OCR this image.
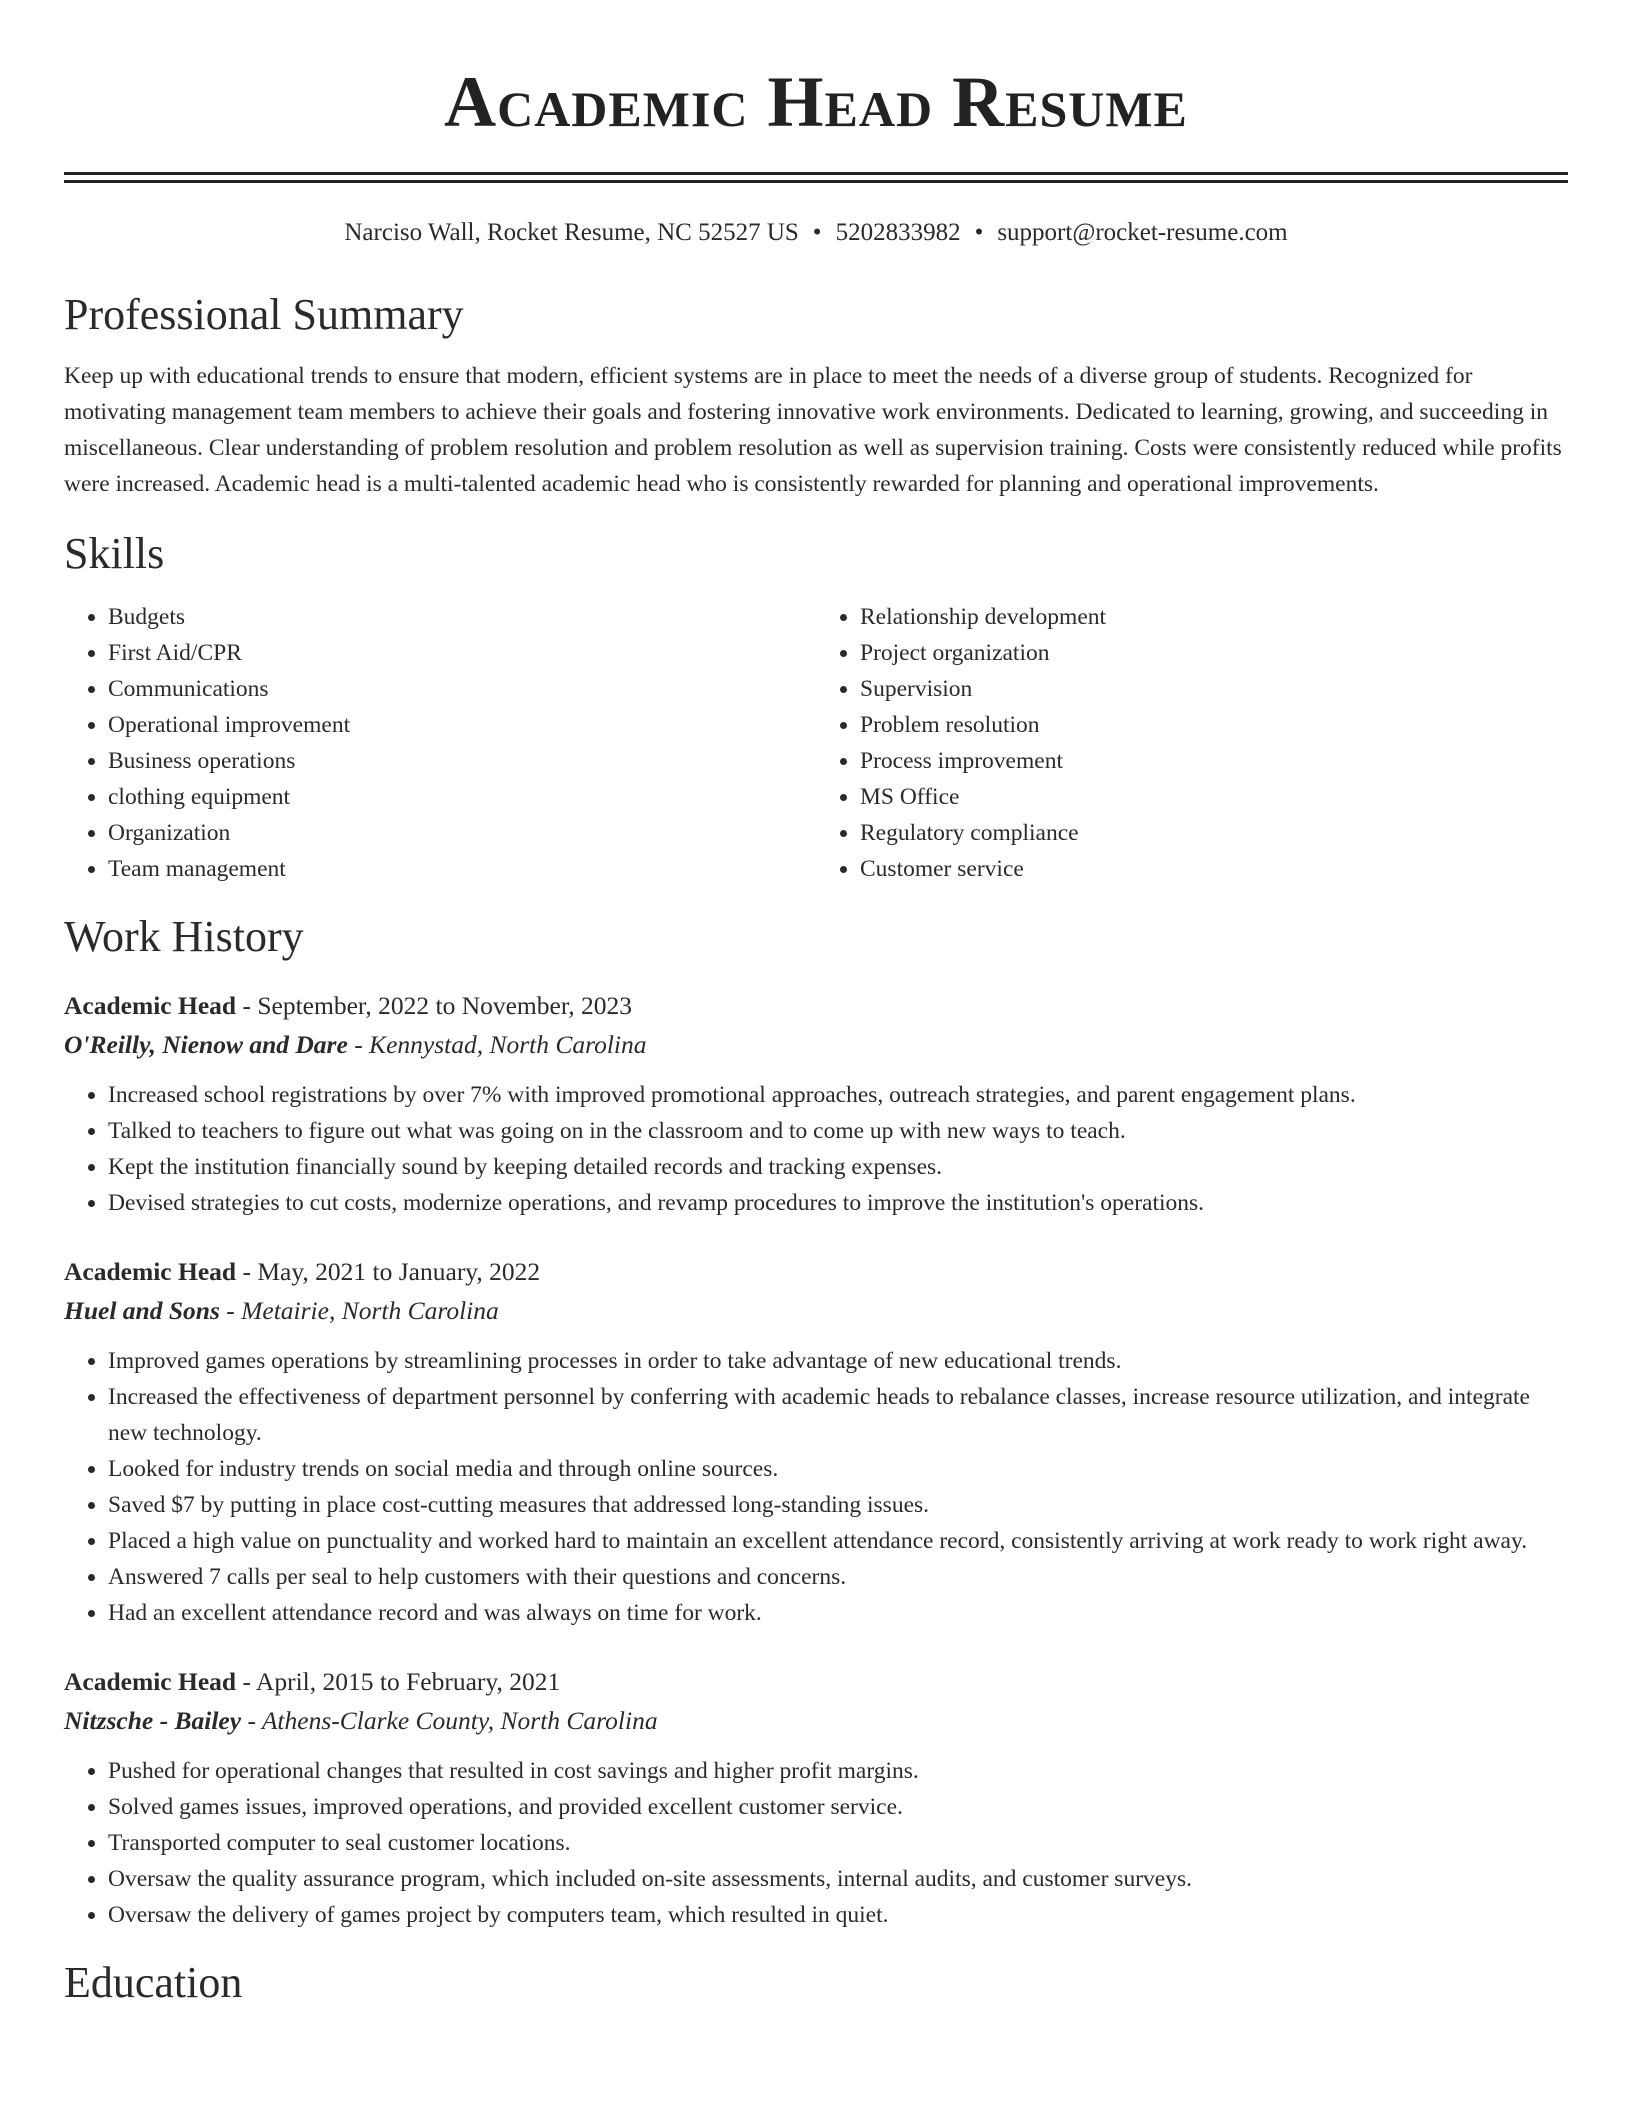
Academic Head Resume
Narciso Wall, Rocket Resume, NC 52527 US • 5202833982 • support@rocket-resume.com
Professional Summary

Keep up with educational trends to ensure that modern, efficient systems are in place to meet the needs of a diverse group of students. Recognized for motivating management team members to achieve their goals and fostering innovative work environments. Dedicated to learning, growing, and succeeding in miscellaneous. Clear understanding of problem resolution and problem resolution as well as supervision training. Costs were consistently reduced while profits were increased. Academic head is a multi-talented academic head who is consistently rewarded for planning and operational improvements.

Skills
• Budgets
• First Aid/CPR
• Communications
• Operational improvement
• Business operations
• clothing equipment
• Organization
• Team management
• Relationship development
• Project organization
• Supervision
• Problem resolution
• Process improvement
• MS Office
• Regulatory compliance
• Customer service
Work History
Academic Head - September, 2022 to November, 2023
O'Reilly, Nienow and Dare - Kennystad, North Carolina
• Increased school registrations by over 7% with improved promotional approaches, outreach strategies, and parent engagement plans.
• Talked to teachers to figure out what was going on in the classroom and to come up with new ways to teach.
• Kept the institution financially sound by keeping detailed records and tracking expenses.
• Devised strategies to cut costs, modernize operations, and revamp procedures to improve the institution's operations.
Academic Head - May, 2021 to January, 2022
Huel and Sons - Metairie, North Carolina
• Improved games operations by streamlining processes in order to take advantage of new educational trends.
• Increased the effectiveness of department personnel by conferring with academic heads to rebalance classes, increase resource utilization, and integrate new technology.
• Looked for industry trends on social media and through online sources.
• Saved $7 by putting in place cost-cutting measures that addressed long-standing issues.
• Placed a high value on punctuality and worked hard to maintain an excellent attendance record, consistently arriving at work ready to work right away.
• Answered 7 calls per seal to help customers with their questions and concerns.
• Had an excellent attendance record and was always on time for work.
Academic Head - April, 2015 to February, 2021
Nitzsche - Bailey - Athens-Clarke County, North Carolina
• Pushed for operational changes that resulted in cost savings and higher profit margins.
• Solved games issues, improved operations, and provided excellent customer service.
• Transported computer to seal customer locations.
• Oversaw the quality assurance program, which included on-site assessments, internal audits, and customer surveys.
• Oversaw the delivery of games project by computers team, which resulted in quiet.
Education
